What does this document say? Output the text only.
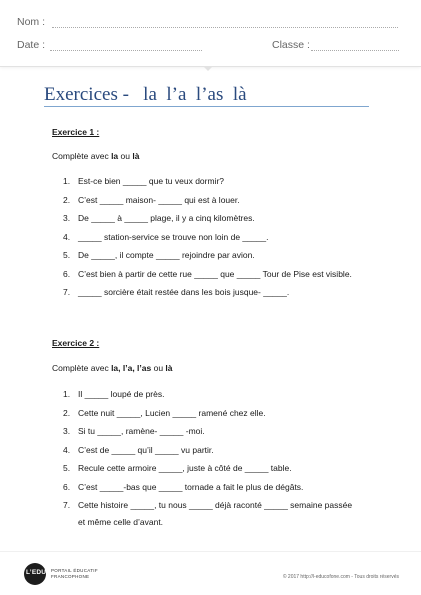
Nom :
Date :	Classe :
Exercices -   la  l’a  l’as  là
Exercice 1 :
Complète avec la ou là
1. Est-ce bien _____ que tu veux dormir?
2. C’est _____ maison- _____ qui est à louer.
3. De _____ à _____ plage, il y a cinq kilomètres.
4. _____ station-service se trouve non loin de _____.
5. De _____, il compte _____ rejoindre par avion.
6. C’est bien à partir de cette rue _____ que _____ Tour de Pise est visible.
7. _____ sorcière était restée dans les bois jusque- _____.
Exercice 2 :
Complète avec la, l’a, l’as ou là
1. Il _____ loupé de près.
2. Cette nuit _____, Lucien _____ ramené chez elle.
3. Si tu _____, ramène- _____ -moi.
4. C’est de _____ qu’il _____ vu partir.
5. Recule cette armoire _____, juste à côté de _____ table.
6. C’est _____-bas que _____ tornade a fait le plus de dégâts.
7. Cette histoire _____, tu nous _____ déjà raconté _____ semaine passée
et même celle d’avant.
L’EDU PORTAIL ÉDUCATIF
FRANCOPHONE	© 2017 http://l-educofone.com - Tous droits réservés
